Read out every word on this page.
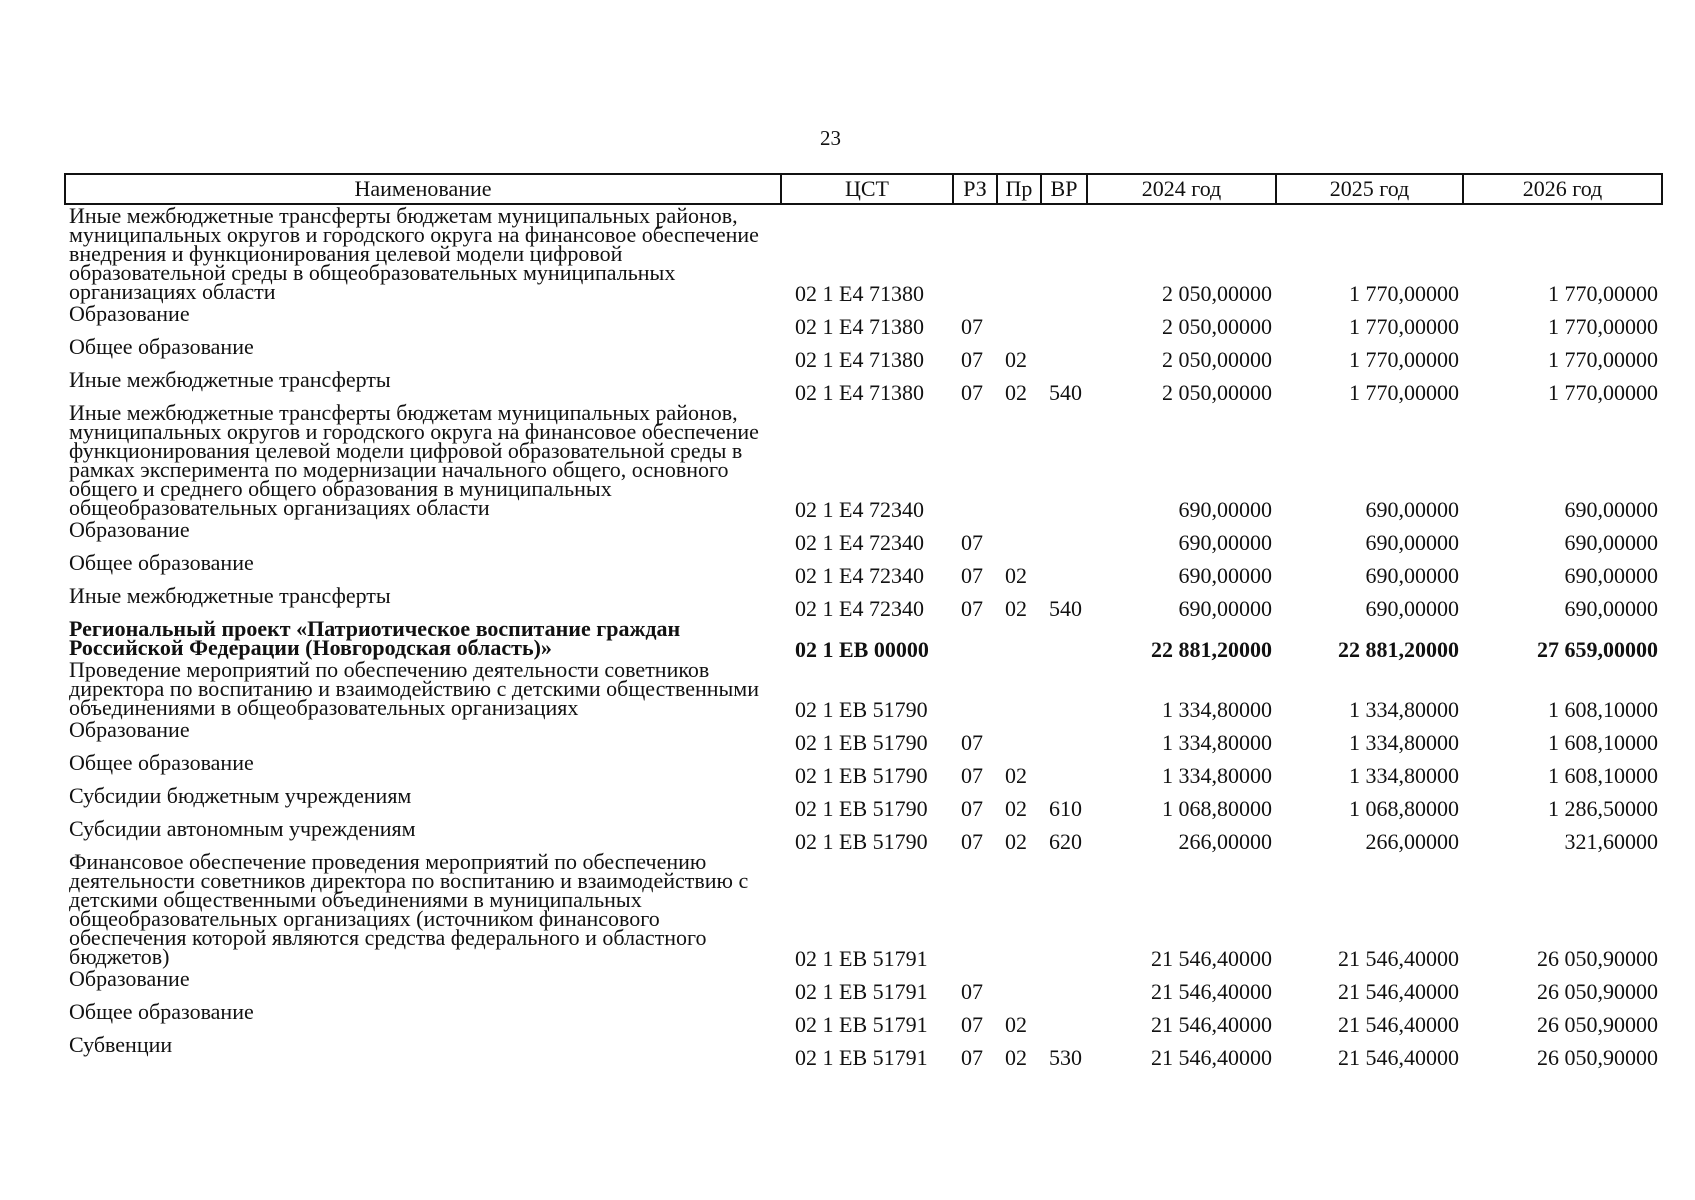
23
Наименование	ЦСТ	РЗ	Пр	ВР	2024 год	2025 год	2026 год
Иные межбюджетные трансферты бюджетам муниципальных районов, муниципальных округов и городского округа на финансовое обеспечение внедрения и функционирования целевой модели цифровой образовательной среды в общеобразовательных муниципальных организациях области	02 1 E4 71380				2 050,00000	1 770,00000	1 770,00000
Образование	02 1 E4 71380	07			2 050,00000	1 770,00000	1 770,00000
Общее образование	02 1 E4 71380	07	02		2 050,00000	1 770,00000	1 770,00000
Иные межбюджетные трансферты	02 1 E4 71380	07	02	540	2 050,00000	1 770,00000	1 770,00000
Иные межбюджетные трансферты бюджетам муниципальных районов, муниципальных округов и городского округа на финансовое обеспечение функционирования целевой модели цифровой образовательной среды в рамках эксперимента по модернизации начального общего, основного общего и среднего общего образования в муниципальных общеобразовательных организациях области	02 1 E4 72340				690,00000	690,00000	690,00000
Образование	02 1 E4 72340	07			690,00000	690,00000	690,00000
Общее образование	02 1 E4 72340	07	02		690,00000	690,00000	690,00000
Иные межбюджетные трансферты	02 1 E4 72340	07	02	540	690,00000	690,00000	690,00000
Региональный проект «Патриотическое воспитание граждан Российской Федерации (Новгородская область)»	02 1 EB 00000				22 881,20000	22 881,20000	27 659,00000
Проведение мероприятий по обеспечению деятельности советников директора по воспитанию и взаимодействию с детскими общественными объединениями в общеобразовательных организациях	02 1 EB 51790				1 334,80000	1 334,80000	1 608,10000
Образование	02 1 EB 51790	07			1 334,80000	1 334,80000	1 608,10000
Общее образование	02 1 EB 51790	07	02		1 334,80000	1 334,80000	1 608,10000
Субсидии бюджетным учреждениям	02 1 EB 51790	07	02	610	1 068,80000	1 068,80000	1 286,50000
Субсидии автономным учреждениям	02 1 EB 51790	07	02	620	266,00000	266,00000	321,60000
Финансовое обеспечение проведения мероприятий по обеспечению деятельности советников директора по воспитанию и взаимодействию с детскими общественными объединениями в муниципальных общеобразовательных организациях (источником финансового обеспечения которой являются средства федерального и областного бюджетов)	02 1 EB 51791				21 546,40000	21 546,40000	26 050,90000
Образование	02 1 EB 51791	07			21 546,40000	21 546,40000	26 050,90000
Общее образование	02 1 EB 51791	07	02		21 546,40000	21 546,40000	26 050,90000
Субвенции	02 1 EB 51791	07	02	530	21 546,40000	21 546,40000	26 050,90000
